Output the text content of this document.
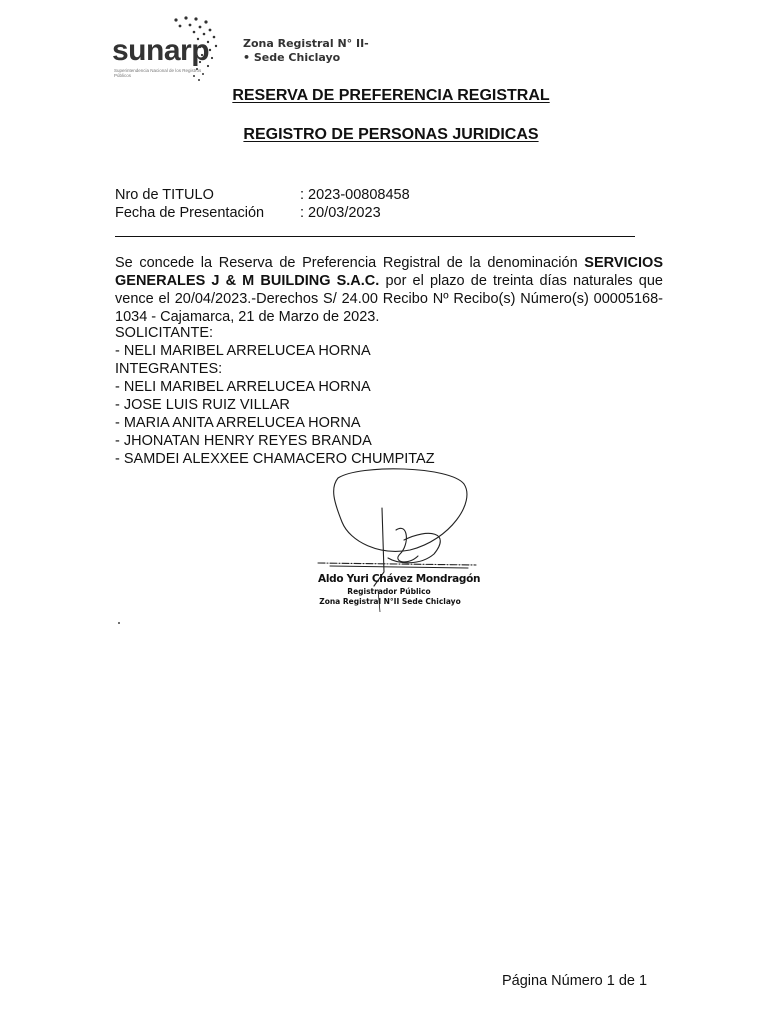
sunarp
Superintendencia Nacional de los Registros Públicos
Zona Registral N° II-
• Sede Chiclayo
RESERVA DE PREFERENCIA REGISTRAL
REGISTRO DE PERSONAS JURIDICAS
Nro de TITULO	: 2023-00808458
Fecha de Presentación : 20/03/2023
Se concede la Reserva de Preferencia Registral de la denominación SERVICIOS GENERALES J & M BUILDING S.A.C. por el plazo de treinta días naturales que vence el 20/04/2023.-Derechos S/ 24.00 Recibo Nº Recibo(s) Número(s) 00005168-1034 - Cajamarca, 21 de Marzo de 2023.
SOLICITANTE:
- NELI MARIBEL ARRELUCEA HORNA
INTEGRANTES:
- NELI MARIBEL ARRELUCEA HORNA
- JOSE LUIS RUIZ VILLAR
- MARIA ANITA ARRELUCEA HORNA
- JHONATAN HENRY REYES BRANDA
- SAMDEI ALEXXEE CHAMACERO CHUMPITAZ
Aldo Yuri Chávez Mondragón
Registrador Público
Zona Registral N°II Sede Chiclayo
Página Número 1 de 1
